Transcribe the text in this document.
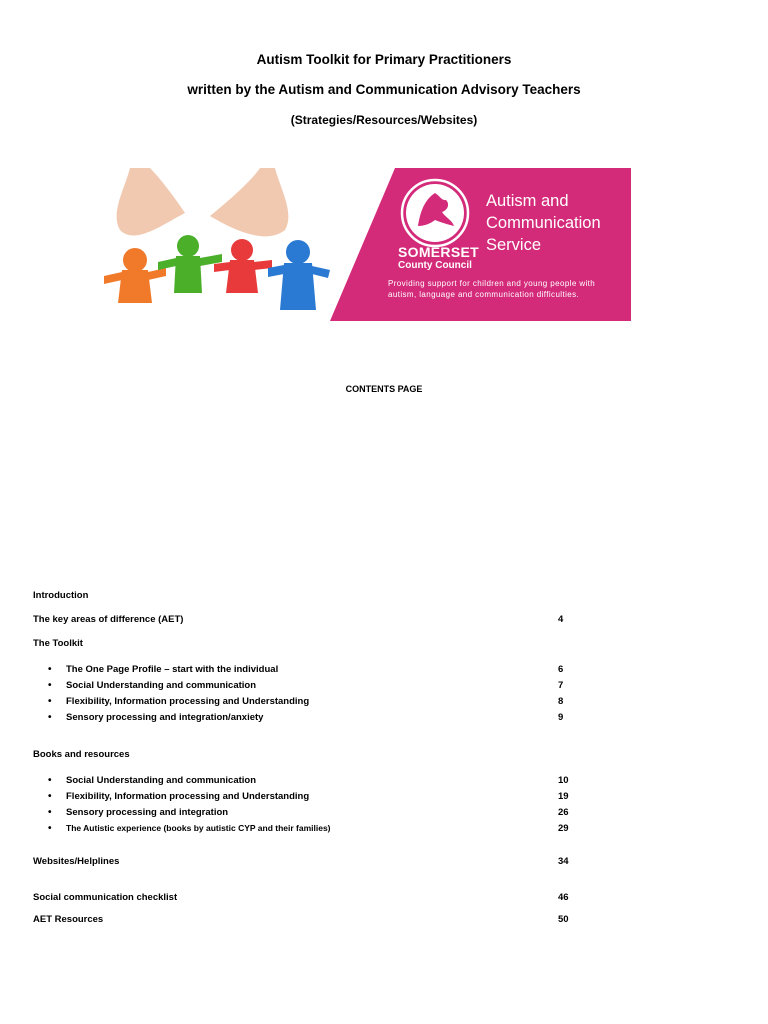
Autism Toolkit for Primary Practitioners
written by the Autism and Communication Advisory Teachers
(Strategies/Resources/Websites)
Autism and Communication Service
SOMERSET
County Council
Providing support for children and young people with autism, language and communication difficulties.
CONTENTS PAGE
Introduction
The key areas of difference (AET)	4
The Toolkit
• The One Page Profile – start with the individual	6
• Social Understanding and communication	7
• Flexibility, Information processing and Understanding	8
• Sensory processing and integration/anxiety	9
Books and resources
• Social Understanding and communication	10
• Flexibility, Information processing and Understanding	19
• Sensory processing and integration	26
• The Autistic experience (books by autistic CYP and their families)	29
Websites/Helplines	34
Social communication checklist	46
AET Resources	50
